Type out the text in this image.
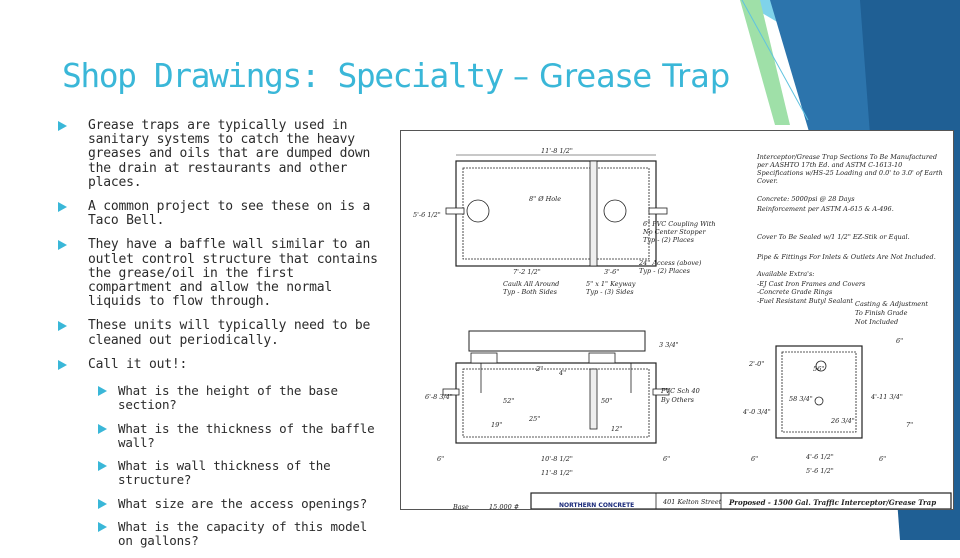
Shop Drawings: Specialty – Grease Trap
Grease traps are typically used in sanitary systems to catch the heavy greases and oils that are dumped down the drain at restaurants and other places.
A common project to see these on is a Taco Bell.
They have a baffle wall similar to an outlet control structure that contains the grease/oil in the first compartment and allow the normal liquids to flow through.
These units will typically need to be cleaned out periodically.
Call it out!:
What is the height of the base section?
What is the thickness of the baffle wall?
What is wall thickness of the structure?
What size are the access openings?
What is the capacity of this model on gallons?
11'-8 1/2"
5'-6 1/2"
8" Ø Hole
7'-2 1/2"	3'-6"
6" PVC Coupling With
No Center Stopper
Typ - (2) Places
24" Access (above)
Typ - (2) Places
Caulk All Around
Typ - Both Sides
5" x 1" Keyway
Typ - (3) Sides
Interceptor/Grease Trap Sections To Be Manufactured
per AASHTO 17th Ed. and ASTM C-1613-10
Specifications w/HS-25 Loading and 0.0' to 3.0' of Earth
Cover.
Concrete: 5000psi @ 28 Days
Reinforcement per ASTM A-615 & A-496.
Cover To Be Sealed w/1 1/2" EZ-Stik or Equal.
Pipe & Fittings For Inlets & Outlets Are Not Included.
Available Extra's:
-EJ Cast Iron Frames and Covers
-Concrete Grade Rings
-Fuel Resistant Butyl Sealant Casting & Adjustment
To Finish Grade
Not Included
3 3/4"
6'-8 3/4"
2" 4"
52"	50"
25"
19"	12"
PVC Sch 40
By Others
6"	6"
10'-8 1/2"
11'-8 1/2"
6"
2'-0"
4'-0 3/4"
4'-11 3/4"
56"
58 3/4"
26 3/4"	7"
4'-6 1/2"
5'-6 1/2"
6"	6"
NORTHERN CONCRETE	401 Kelton Street Proposed - 1500 Gal. Traffic Interceptor/Grease Trap
Base	15,000 #
